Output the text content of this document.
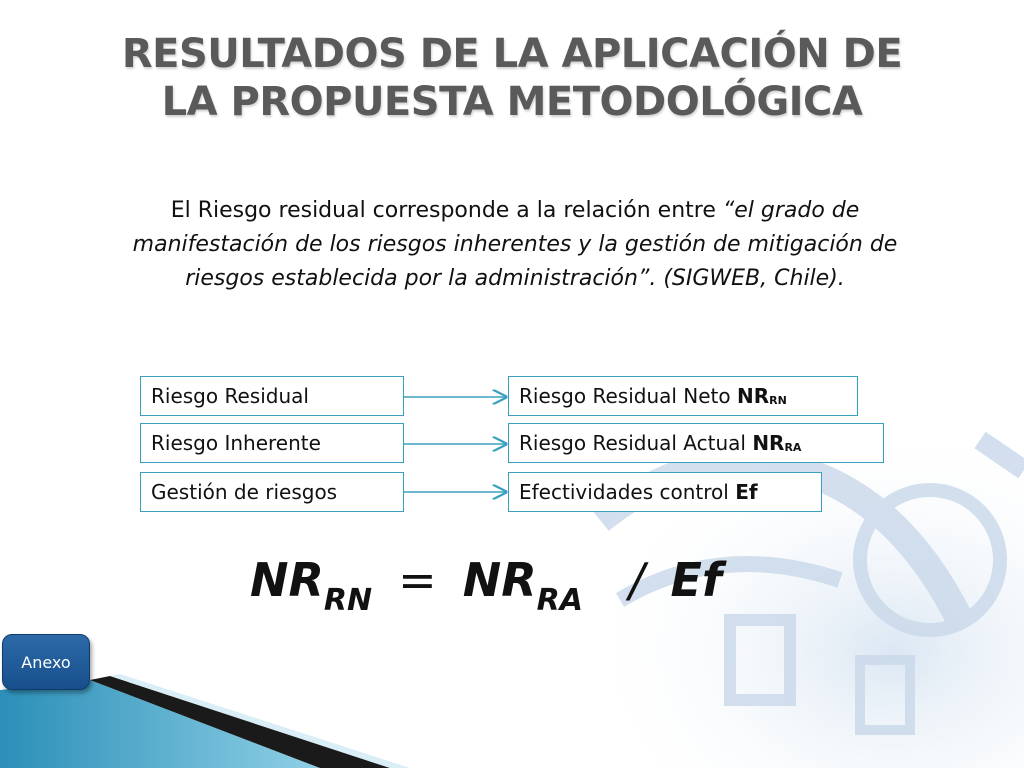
RESULTADOS DE LA APLICACIÓN DE
LA PROPUESTA METODOLÓGICA
El Riesgo residual corresponde a la relación entre “el grado de manifestación de los riesgos inherentes y la gestión de mitigación de riesgos establecida por la administración”. (SIGWEB, Chile).
Riesgo Residual
Riesgo Inherente
Gestión de riesgos
Riesgo Residual Neto $NR_{RN}$
Riesgo Residual Actual $NR_{RA}$
Efectividades control Ef
$NR_{RN} = NR_{RA} / Ef$
Anexo
